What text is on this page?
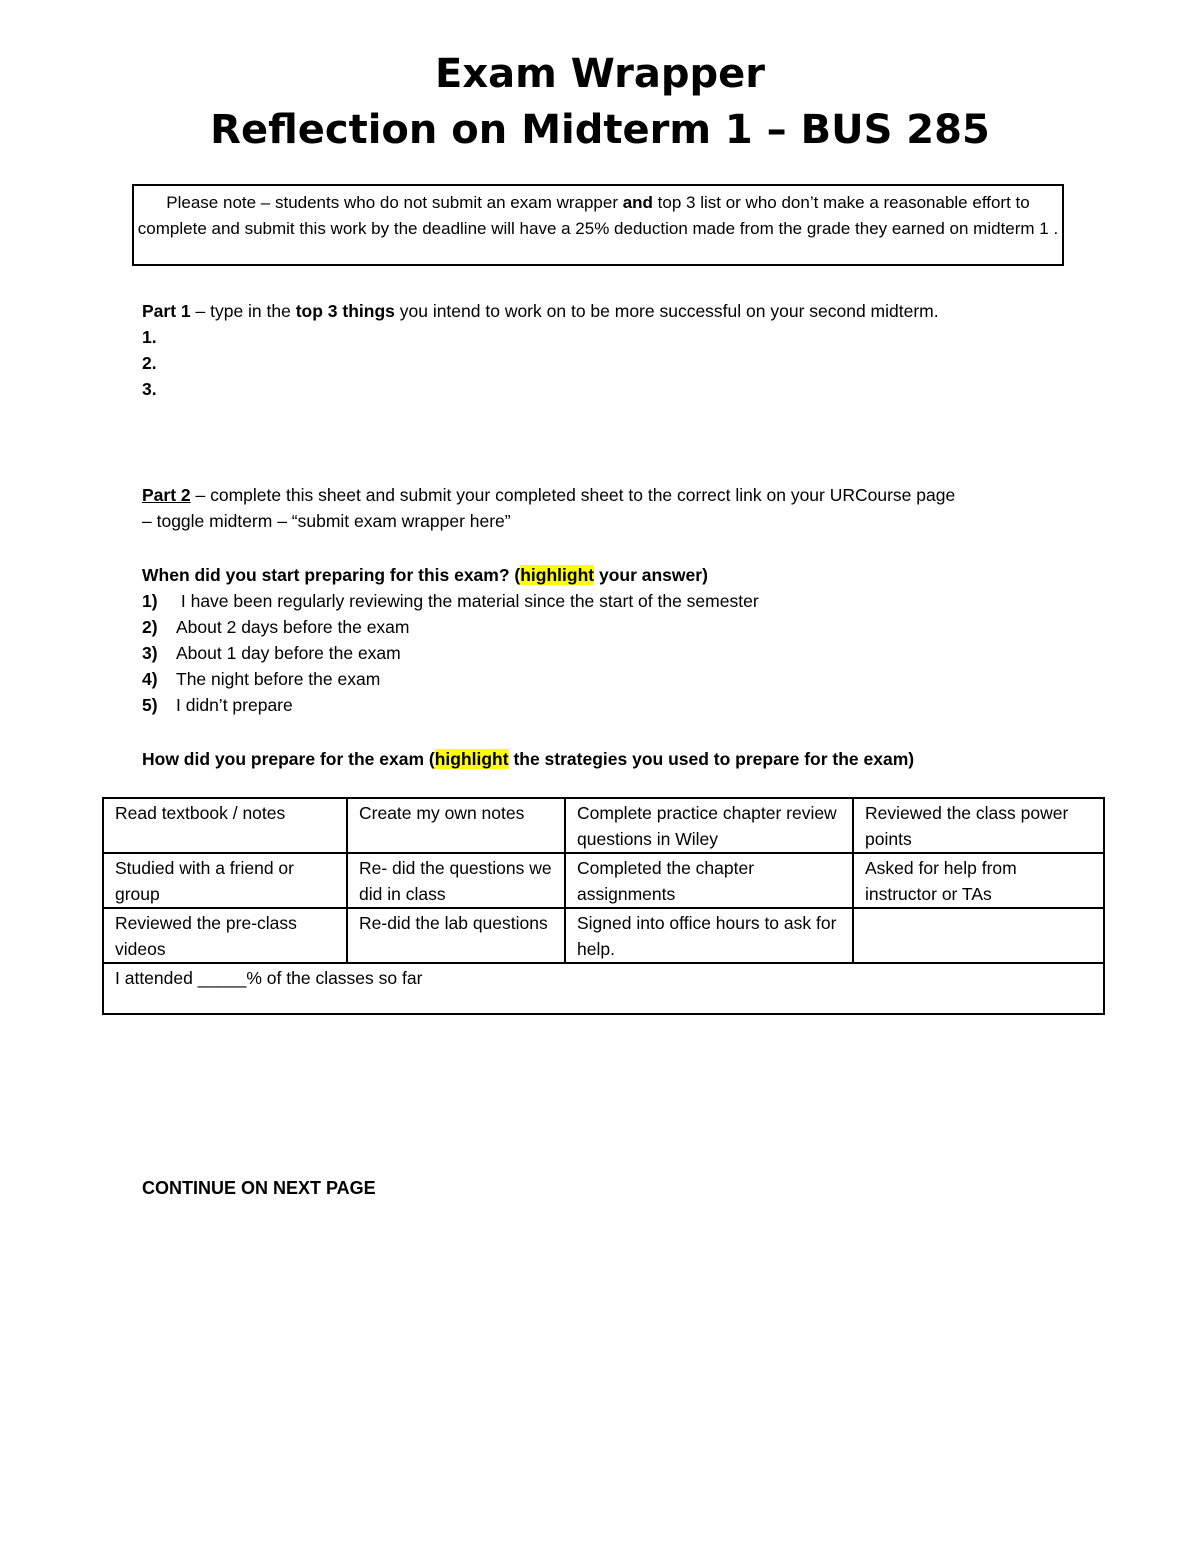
Exam Wrapper
Reflection on Midterm 1 – BUS 285
Please note – students who do not submit an exam wrapper and top 3 list or who don’t make a reasonable effort to complete and submit this work by the deadline will have a 25% deduction made from the grade they earned on midterm 1 .
Part 1 – type in the top 3 things you intend to work on to be more successful on your second midterm.
1.
2.
3.
Part 2 – complete this sheet and submit your completed sheet to the correct link on your URCourse page
– toggle midterm – “submit exam wrapper here”
When did you start preparing for this exam? (highlight your answer)
1) I have been regularly reviewing the material since the start of the semester
2) About 2 days before the exam
3) About 1 day before the exam
4) The night before the exam
5) I didn’t prepare
How did you prepare for the exam (highlight the strategies you used to prepare for the exam)
Read textbook / notes	Create my own notes	Complete practice chapter review questions in Wiley	Reviewed the class power points
Studied with a friend or group	Re- did the questions we did in class	Completed the chapter assignments	Asked for help from instructor or TAs
Reviewed the pre-class videos	Re-did the lab questions	Signed into office hours to ask for help.	
I attended _____% of the classes so far			
CONTINUE ON NEXT PAGE
